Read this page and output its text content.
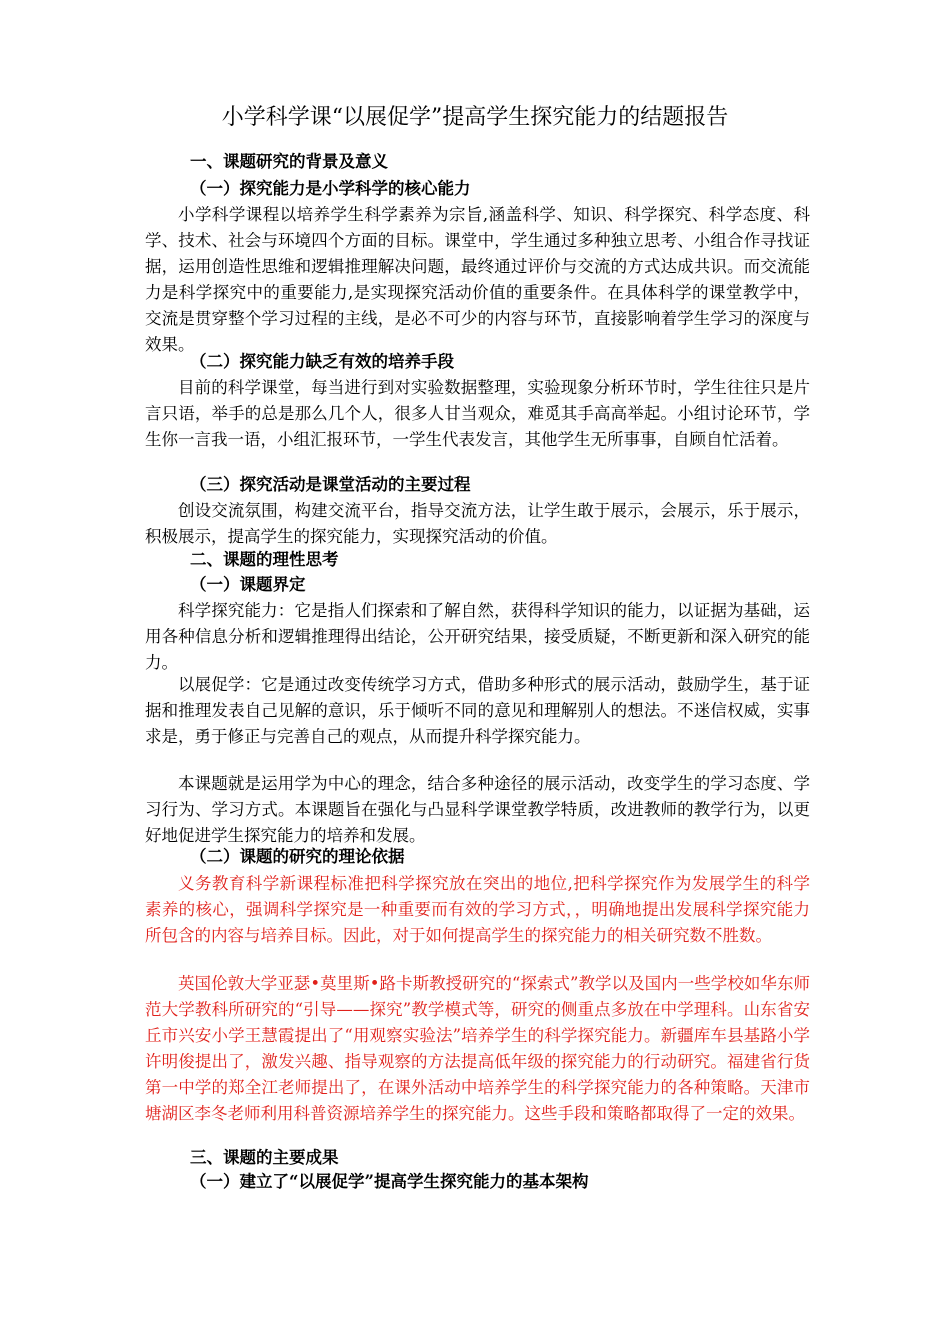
小学科学课“以展促学”提高学生探究能力的结题报告
一、课题研究的背景及意义
（一）探究能力是小学科学的核心能力
小学科学课程以培养学生科学素养为宗旨,涵盖科学、知识、科学探究、科学态度、科学、技术、社会与环境四个方面的目标。课堂中，学生通过多种独立思考、小组合作寻找证据，运用创造性思维和逻辑推理解决问题，最终通过评价与交流的方式达成共识。而交流能力是科学探究中的重要能力,是实现探究活动价值的重要条件。在具体科学的课堂教学中，交流是贯穿整个学习过程的主线，是必不可少的内容与环节，直接影响着学生学习的深度与效果。
（二）探究能力缺乏有效的培养手段
目前的科学课堂，每当进行到对实验数据整理，实验现象分析环节时，学生往往只是片言只语，举手的总是那么几个人，很多人甘当观众，难觅其手高高举起。小组讨论环节，学生你一言我一语，小组汇报环节，一学生代表发言，其他学生无所事事，自顾自忙活着。
（三）探究活动是课堂活动的主要过程
创设交流氛围，构建交流平台，指导交流方法，让学生敢于展示，会展示，乐于展示，积极展示，提高学生的探究能力，实现探究活动的价值。
二、课题的理性思考
（一）课题界定
科学探究能力：它是指人们探索和了解自然，获得科学知识的能力，以证据为基础，运用各种信息分析和逻辑推理得出结论，公开研究结果，接受质疑，不断更新和深入研究的能力。
以展促学：它是通过改变传统学习方式，借助多种形式的展示活动，鼓励学生，基于证据和推理发表自己见解的意识，乐于倾听不同的意见和理解别人的想法。不迷信权威，实事求是，勇于修正与完善自己的观点，从而提升科学探究能力。
本课题就是运用学为中心的理念，结合多种途径的展示活动，改变学生的学习态度、学习行为、学习方式。本课题旨在强化与凸显科学课堂教学特质，改进教师的教学行为，以更好地促进学生探究能力的培养和发展。
（二）课题的研究的理论依据
义务教育科学新课程标准把科学探究放在突出的地位,把科学探究作为发展学生的科学素养的核心，强调科学探究是一种重要而有效的学习方式，，明确地提出发展科学探究能力所包含的内容与培养目标。因此，对于如何提高学生的探究能力的相关研究数不胜数。
英国伦敦大学亚瑟•莫里斯•路卡斯教授研究的“探索式”教学以及国内一些学校如华东师范大学教科所研究的“引导——探究”教学模式等，研究的侧重点多放在中学理科。山东省安丘市兴安小学王慧霞提出了“用观察实验法”培养学生的科学探究能力。新疆库车县基路小学许明俊提出了，激发兴趣、指导观察的方法提高低年级的探究能力的行动研究。福建省行货第一中学的郑全江老师提出了，在课外活动中培养学生的科学探究能力的各种策略。天津市塘湖区李冬老师利用科普资源培养学生的探究能力。这些手段和策略都取得了一定的效果。
三、课题的主要成果
（一）建立了“以展促学”提高学生探究能力的基本架构
